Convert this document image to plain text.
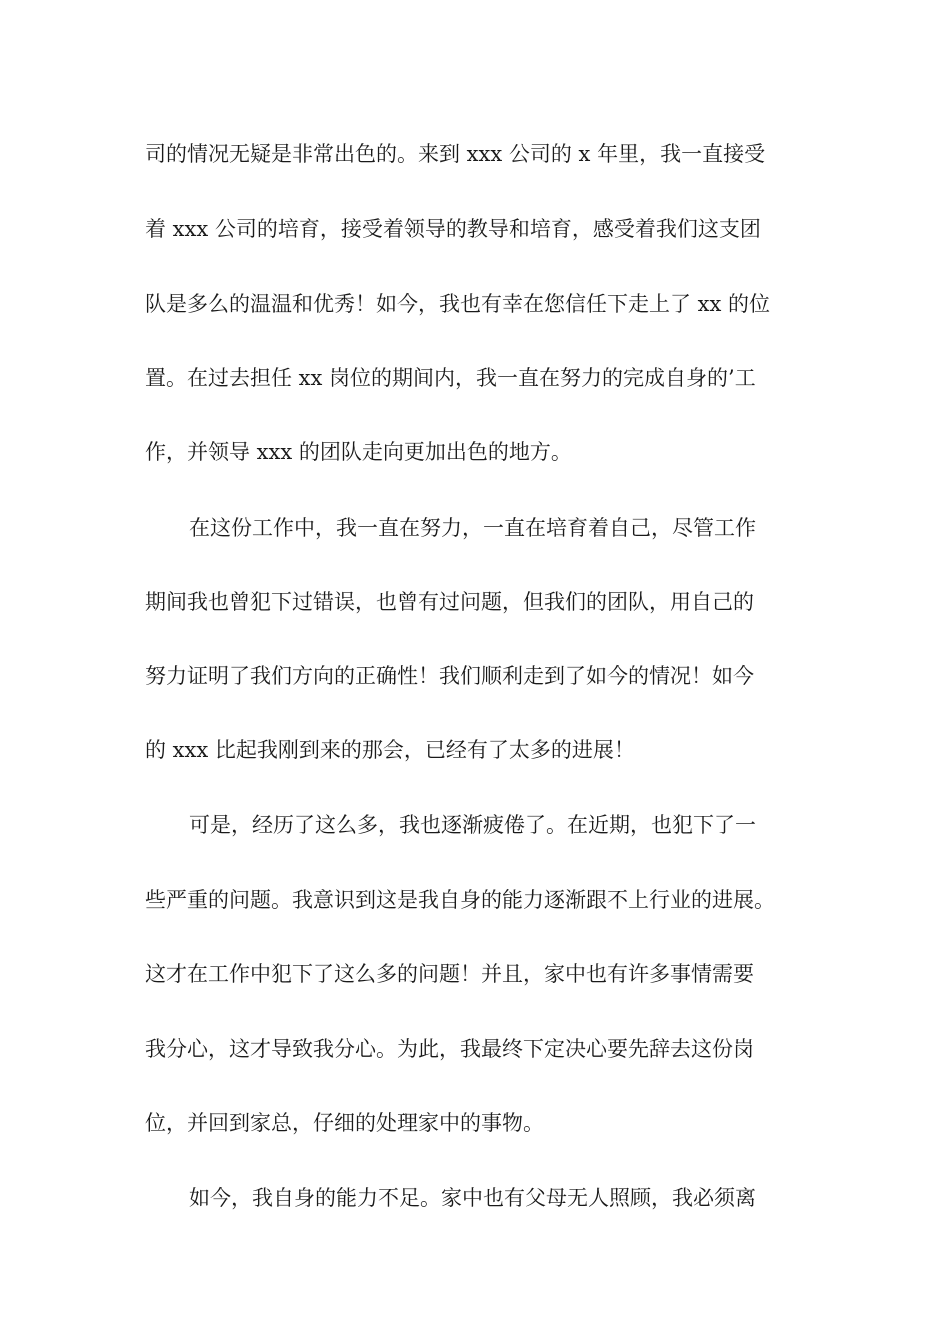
司的情况无疑是非常出色的。来到 xxx 公司的 x 年里，我一直接受

着 xxx 公司的培育，接受着领导的教导和培育，感受着我们这支团

队是多么的温温和优秀！如今，我也有幸在您信任下走上了 xx 的位

置。在过去担任 xx 岗位的期间内，我一直在努力的完成自身的’工

作，并领导 xxx 的团队走向更加出色的地方。

在这份工作中，我一直在努力，一直在培育着自己，尽管工作

期间我也曾犯下过错误，也曾有过问题，但我们的团队，用自己的

努力证明了我们方向的正确性！我们顺利走到了如今的情况！如今

的 xxx 比起我刚到来的那会，已经有了太多的进展！

可是，经历了这么多，我也逐渐疲倦了。在近期，也犯下了一

些严重的问题。我意识到这是我自身的能力逐渐跟不上行业的进展。

这才在工作中犯下了这么多的问题！并且，家中也有许多事情需要

我分心，这才导致我分心。为此，我最终下定决心要先辞去这份岗

位，并回到家总，仔细的处理家中的事物。

如今，我自身的能力不足。家中也有父母无人照顾，我必须离
